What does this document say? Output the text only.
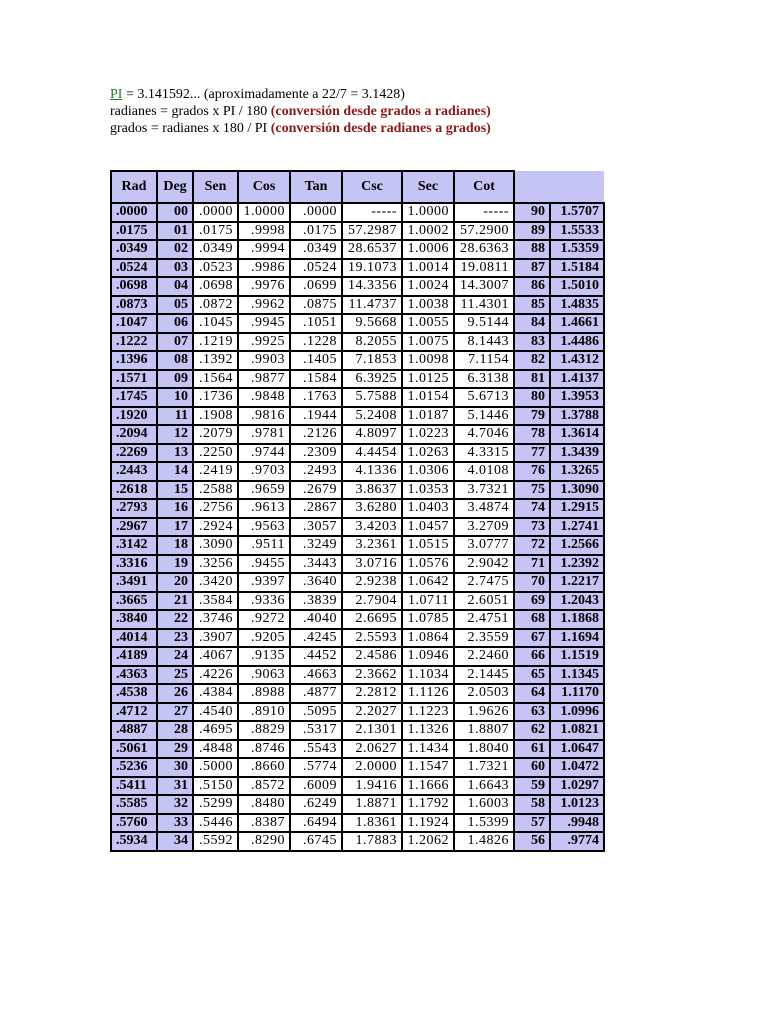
PI = 3.141592... (aproximadamente a 22/7 = 3.1428)
radianes = grados x PI / 180 (conversión desde grados a radianes)
grados = radianes x 180 / PI (conversión desde radianes a grados)
Rad	Deg	Sen	Cos	Tan	Csc	Sec	Cot		
.0000	00	.0000	1.0000	.0000	-----	1.0000	-----	90	1.5707
.0175	01	.0175	.9998	.0175	57.2987	1.0002	57.2900	89	1.5533
.0349	02	.0349	.9994	.0349	28.6537	1.0006	28.6363	88	1.5359
.0524	03	.0523	.9986	.0524	19.1073	1.0014	19.0811	87	1.5184
.0698	04	.0698	.9976	.0699	14.3356	1.0024	14.3007	86	1.5010
.0873	05	.0872	.9962	.0875	11.4737	1.0038	11.4301	85	1.4835
.1047	06	.1045	.9945	.1051	9.5668	1.0055	9.5144	84	1.4661
.1222	07	.1219	.9925	.1228	8.2055	1.0075	8.1443	83	1.4486
.1396	08	.1392	.9903	.1405	7.1853	1.0098	7.1154	82	1.4312
.1571	09	.1564	.9877	.1584	6.3925	1.0125	6.3138	81	1.4137
.1745	10	.1736	.9848	.1763	5.7588	1.0154	5.6713	80	1.3953
.1920	11	.1908	.9816	.1944	5.2408	1.0187	5.1446	79	1.3788
.2094	12	.2079	.9781	.2126	4.8097	1.0223	4.7046	78	1.3614
.2269	13	.2250	.9744	.2309	4.4454	1.0263	4.3315	77	1.3439
.2443	14	.2419	.9703	.2493	4.1336	1.0306	4.0108	76	1.3265
.2618	15	.2588	.9659	.2679	3.8637	1.0353	3.7321	75	1.3090
.2793	16	.2756	.9613	.2867	3.6280	1.0403	3.4874	74	1.2915
.2967	17	.2924	.9563	.3057	3.4203	1.0457	3.2709	73	1.2741
.3142	18	.3090	.9511	.3249	3.2361	1.0515	3.0777	72	1.2566
.3316	19	.3256	.9455	.3443	3.0716	1.0576	2.9042	71	1.2392
.3491	20	.3420	.9397	.3640	2.9238	1.0642	2.7475	70	1.2217
.3665	21	.3584	.9336	.3839	2.7904	1.0711	2.6051	69	1.2043
.3840	22	.3746	.9272	.4040	2.6695	1.0785	2.4751	68	1.1868
.4014	23	.3907	.9205	.4245	2.5593	1.0864	2.3559	67	1.1694
.4189	24	.4067	.9135	.4452	2.4586	1.0946	2.2460	66	1.1519
.4363	25	.4226	.9063	.4663	2.3662	1.1034	2.1445	65	1.1345
.4538	26	.4384	.8988	.4877	2.2812	1.1126	2.0503	64	1.1170
.4712	27	.4540	.8910	.5095	2.2027	1.1223	1.9626	63	1.0996
.4887	28	.4695	.8829	.5317	2.1301	1.1326	1.8807	62	1.0821
.5061	29	.4848	.8746	.5543	2.0627	1.1434	1.8040	61	1.0647
.5236	30	.5000	.8660	.5774	2.0000	1.1547	1.7321	60	1.0472
.5411	31	.5150	.8572	.6009	1.9416	1.1666	1.6643	59	1.0297
.5585	32	.5299	.8480	.6249	1.8871	1.1792	1.6003	58	1.0123
.5760	33	.5446	.8387	.6494	1.8361	1.1924	1.5399	57	.9948
.5934	34	.5592	.8290	.6745	1.7883	1.2062	1.4826	56	.9774
